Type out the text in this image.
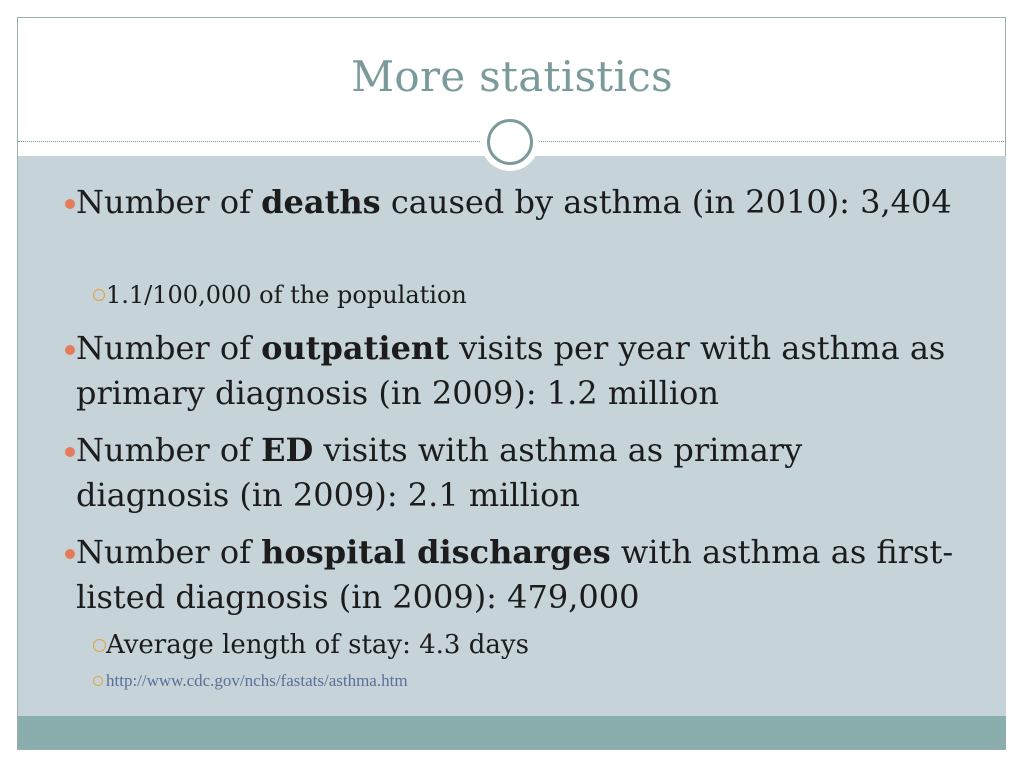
More statistics
Number of deaths caused by asthma (in 2010): 3,404
1.1/100,000 of the population
Number of outpatient visits per year with asthma as primary diagnosis (in 2009): 1.2 million
Number of ED visits with asthma as primary diagnosis (in 2009): 2.1 million
Number of hospital discharges with asthma as first-listed diagnosis (in 2009): 479,000
Average length of stay: 4.3 days
http://www.cdc.gov/nchs/fastats/asthma.htm
